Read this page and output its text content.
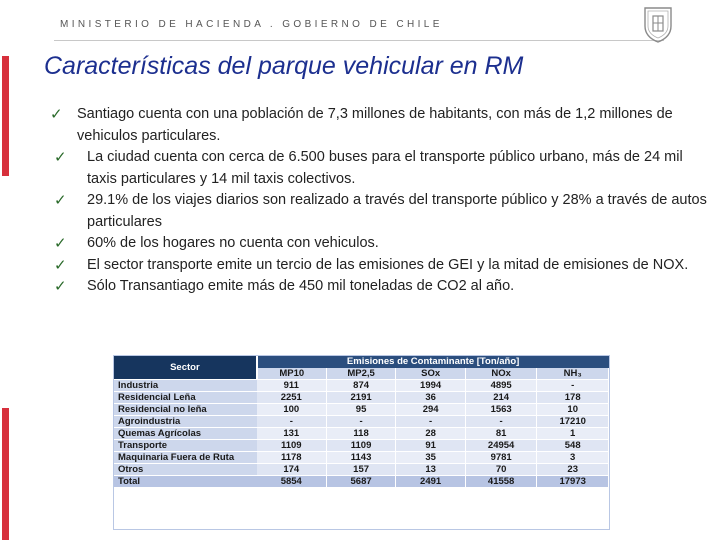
MINISTERIO DE HACIENDA . GOBIERNO DE CHILE
Características del parque vehicular en RM
✓ Santiago cuenta con una población de 7,3 millones de habitants, con más de 1,2 millones de vehiculos particulares.
✓ La ciudad cuenta con cerca de 6.500 buses para el transporte público urbano, más de 24 mil taxis particulares y 14 mil taxis colectivos.
✓ 29.1% de los viajes diarios son realizado a través del transporte público y 28% a través de autos particulares
✓ 60% de los hogares no cuenta con vehiculos.
✓ El sector transporte emite un tercio de las emisiones de GEI y la mitad de emisiones de NOX.
✓ Sólo Transantiago emite más de 450 mil toneladas de CO2 al año.
Sector	Emisiones de Contaminante [Ton/año]				
	MP10	MP2,5	SOx	NOx	NH₃
Industria	911	874	1994	4895	-
Residencial Leña	2251	2191	36	214	178
Residencial no leña	100	95	294	1563	10
Agroindustria	-	-	-	-	17210
Quemas Agrícolas	131	118	28	81	1
Transporte	1109	1109	91	24954	548
Maquinaria Fuera de Ruta	1178	1143	35	9781	3
Otros	174	157	13	70	23
Total	5854	5687	2491	41558	17973
